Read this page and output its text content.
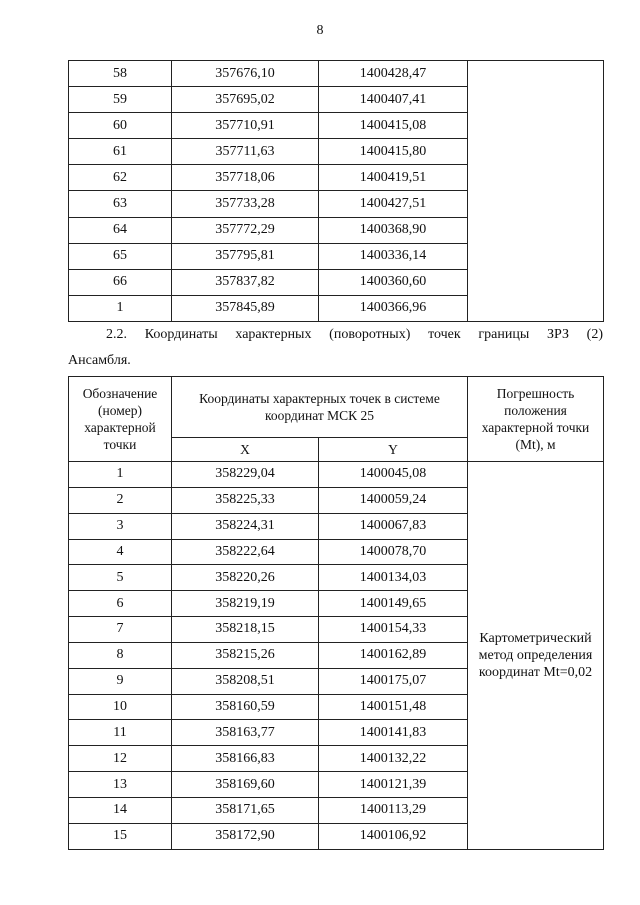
8
58	357676,10	1400428,47	
59	357695,02	1400407,41	
60	357710,91	1400415,08	
61	357711,63	1400415,80	
62	357718,06	1400419,51	
63	357733,28	1400427,51	
64	357772,29	1400368,90	
65	357795,81	1400336,14	
66	357837,82	1400360,60	
1	357845,89	1400366,96	
2.2. Координаты характерных (поворотных) точек границы ЗРЗ (2)
Ансамбля.
Обозначение (номер) характерной точки	Координаты характерных точек в системе координат МСК 25		Погрешность положения характерной точки (Mt), м
	X	Y	
1	358229,04	1400045,08	Картометрический метод определения координат Mt=0,02
2	358225,33	1400059,24	
3	358224,31	1400067,83	
4	358222,64	1400078,70	
5	358220,26	1400134,03	
6	358219,19	1400149,65	
7	358218,15	1400154,33	
8	358215,26	1400162,89	
9	358208,51	1400175,07	
10	358160,59	1400151,48	
11	358163,77	1400141,83	
12	358166,83	1400132,22	
13	358169,60	1400121,39	
14	358171,65	1400113,29	
15	358172,90	1400106,92	
